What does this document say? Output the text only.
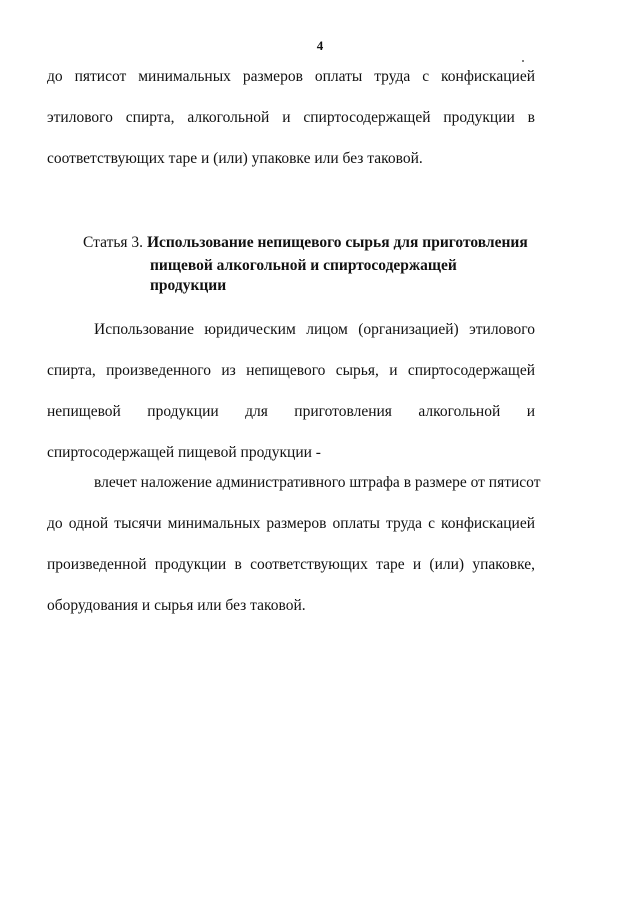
4
до пятисот минимальных размеров оплаты труда с конфискацией
этилового спирта, алкогольной и спиртосодержащей продукции в
соответствующих таре и (или) упаковке или без таковой.
Статья 3. Использование непищевого сырья для приготовления
пищевой алкогольной и спиртосодержащей продукции
Использование юридическим лицом (организацией) этилового
спирта, произведенного из непищевого сырья, и спиртосодержащей
непищевой продукции для приготовления алкогольной и
спиртосодержащей пищевой продукции -
влечет наложение административного штрафа в размере от пятисот
до одной тысячи минимальных размеров оплаты труда с конфискацией
произведенной продукции в соответствующих таре и (или) упаковке,
оборудования и сырья или без таковой.
